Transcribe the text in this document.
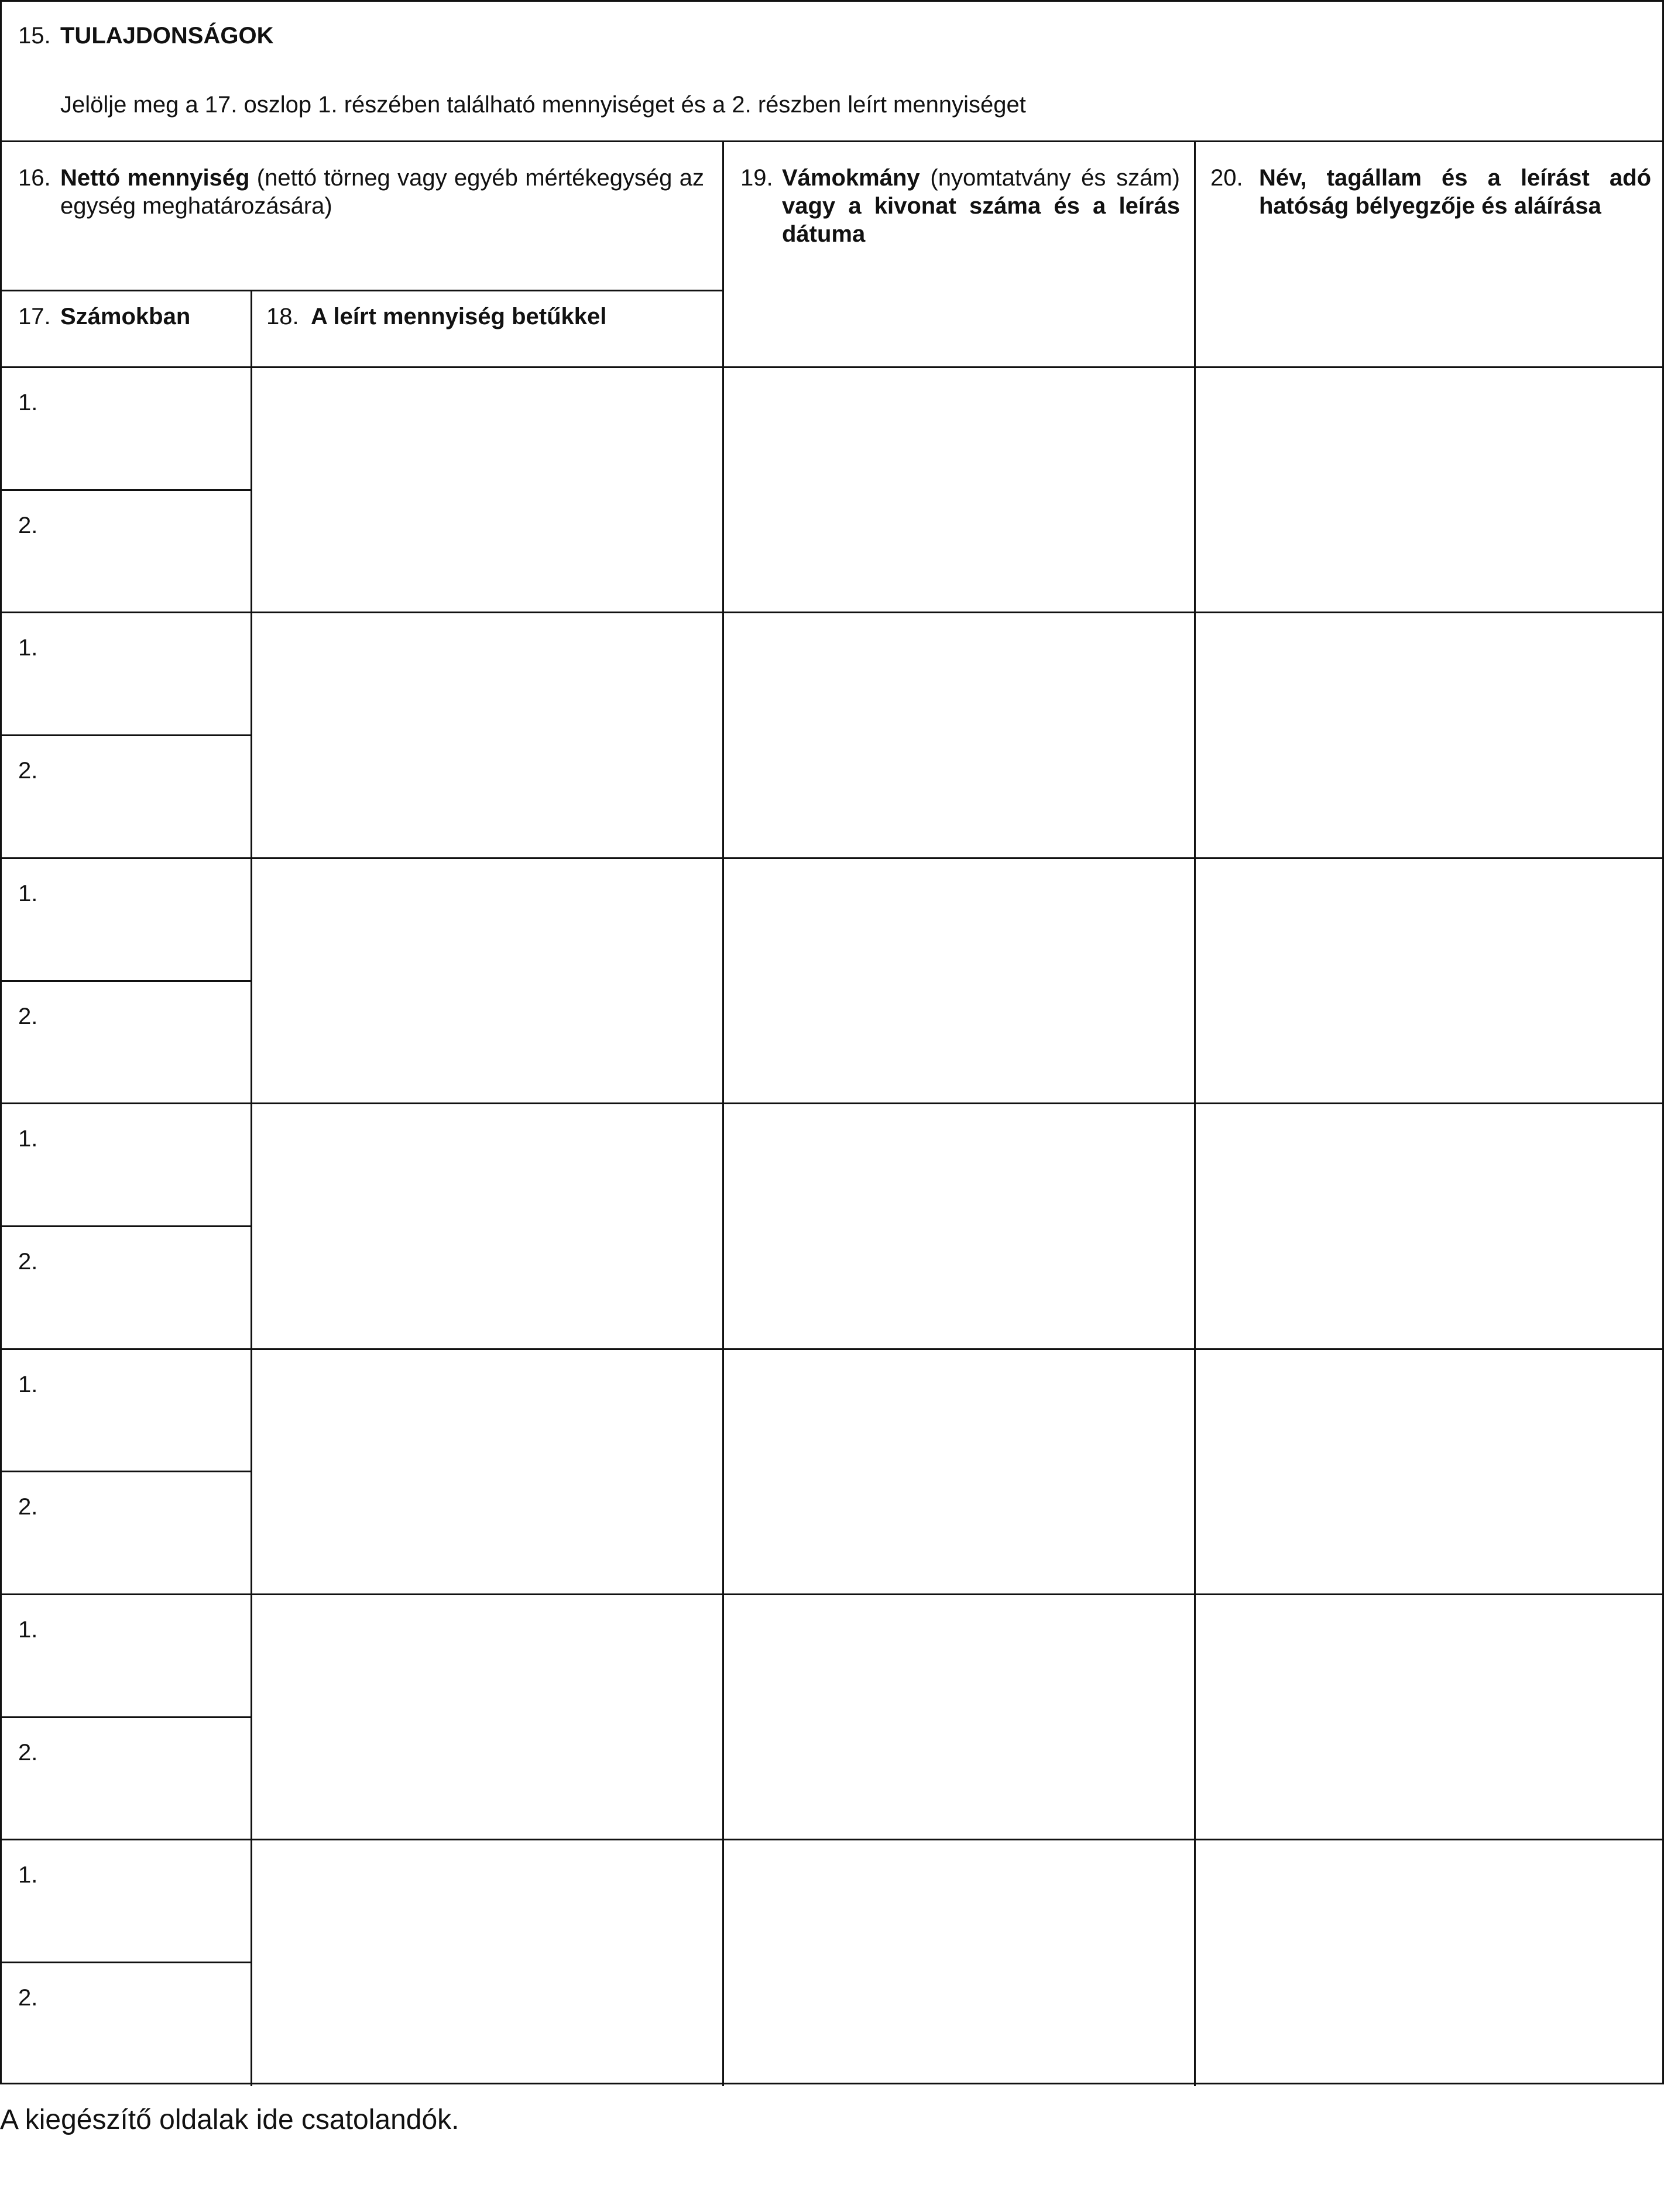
15. TULAJDONSÁGOK
Jelölje meg a 17. oszlop 1. részében található mennyiséget és a 2. részben leírt mennyiséget
16. Nettó mennyiség (nettó törneg vagy egyéb mértékegység az egység meghatározására)
19. Vámokmány (nyomtatvány és szám) vagy a kivonat száma és a leírás dátuma
20. Név, tagállam és a leírást adó hatóság bélyegzője és aláírása
17. Számokban	18. A leírt mennyiség betűkkel
1.
2.
1.
2.
1.
2.
1.
2.
1.
2.
1.
2.
1.
2.
A kiegészítő oldalak ide csatolandók.
